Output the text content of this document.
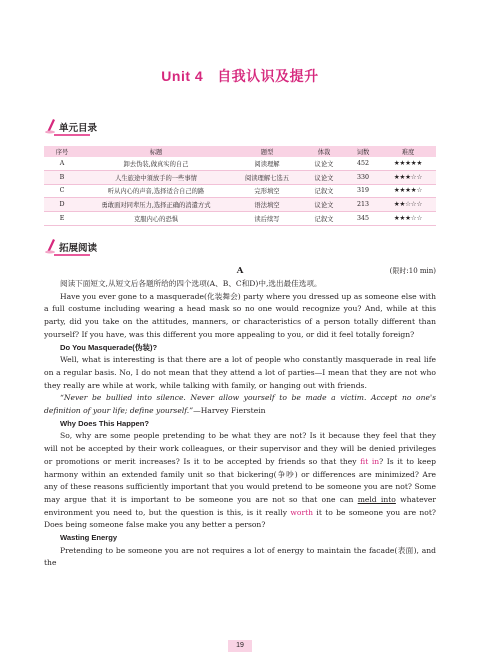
Unit 4 自我认识及提升
单元目录
序号	标题	题型	体裁	词数	难度
A	卸去伪装,做真实的自己	阅读理解	议论文	452	★★★★★
B	人生旅途中須放手的一些事情	阅读理解七选五	议论文	330	★★★☆☆
C	听从内心的声音,选择适合自己的路	完形填空	记叙文	319	★★★★☆
D	勇敢面对同辈压力,选择正确的消遣方式	语法填空	议论文	213	★★☆☆☆
E	克服内心的恐惧	读后续写	记叙文	345	★★★☆☆
拓展阅读
A	(限时:10 min)

阅读下面短文,从短文后各题所给的四个选项(A、B、C和D)中,选出最佳选项。

Have you ever gone to a masquerade(化装舞会) party where you dressed up as someone else with a full costume including wearing a head mask so no one would recognize you? And, while at this party, did you take on the attitudes, manners, or characteristics of a person totally different than yourself? If you have, was this different you more appealing to you, or did it feel totally foreign?

Do You Masquerade(伪装)?

Well, what is interesting is that there are a lot of people who constantly masquerade in real life on a regular basis. No, I do not mean that they attend a lot of parties—I mean that they are not who they really are while at work, while talking with family, or hanging out with friends.

“Never be bullied into silence. Never allow yourself to be made a victim. Accept no one's definition of your life; define yourself.”—Harvey Fierstein

Why Does This Happen?

So, why are some people pretending to be what they are not? Is it because they feel that they will not be accepted by their work colleagues, or their supervisor and they will be denied privileges or promotions or merit increases? Is it to be accepted by friends so that they fit in? Is it to keep harmony within an extended family unit so that bickering(争吵) or differences are minimized? Are any of these reasons sufficiently important that you would pretend to be someone you are not? Some may argue that it is important to be someone you are not so that one can meld into whatever environment you need to, but the question is this, is it really worth it to be someone you are not? Does being someone false make you any better a person?

Wasting Energy

Pretending to be someone you are not requires a lot of energy to maintain the facade(表面), and the

19
